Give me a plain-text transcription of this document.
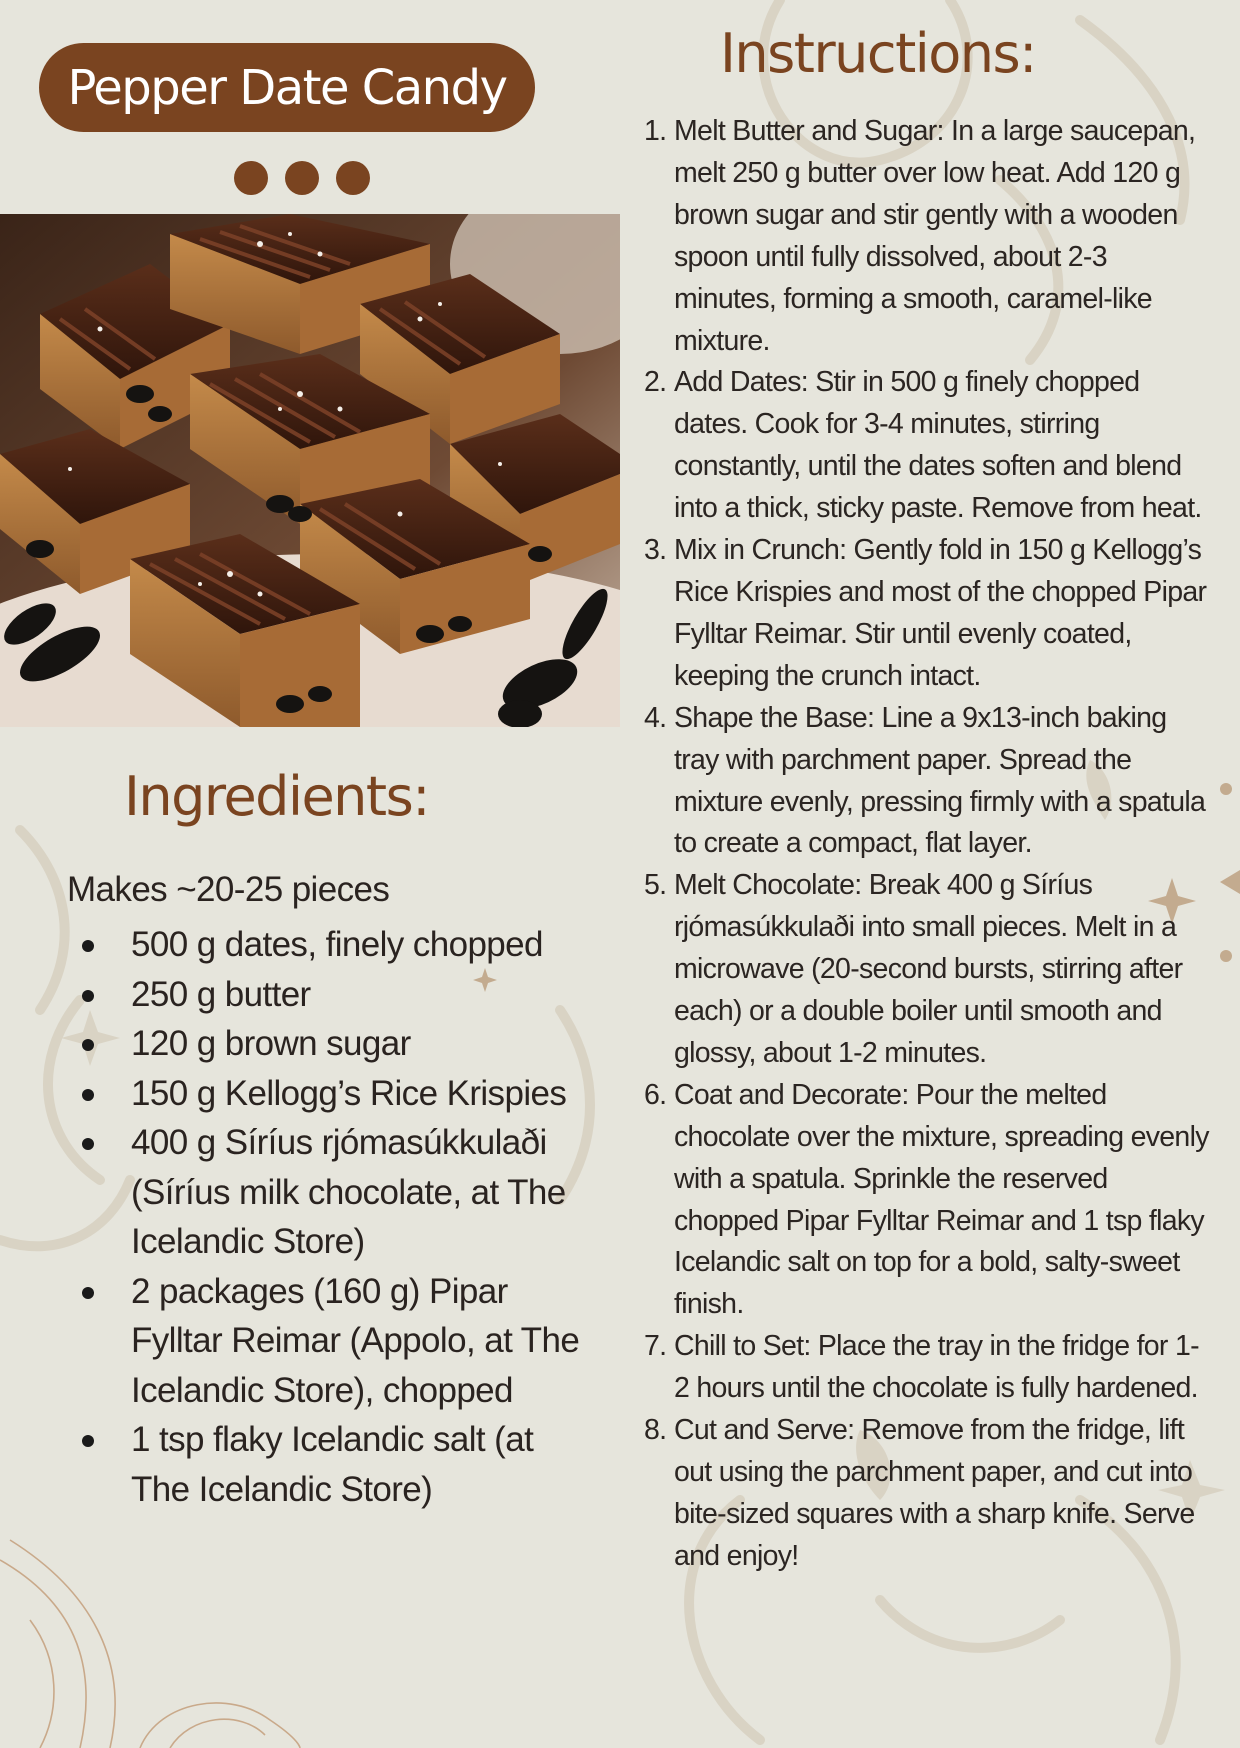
Pepper Date Candy
Ingredients:
Makes ~20-25 pieces
500 g dates, finely chopped
250 g butter
120 g brown sugar
150 g Kellogg’s Rice Krispies
400 g Síríus rjómasúkkulaði (Síríus milk chocolate, at The Icelandic Store)
2 packages (160 g) Pipar Fylltar Reimar (Appolo, at The Icelandic Store), chopped
1 tsp flaky Icelandic salt (at The Icelandic Store)
Instructions:
1. Melt Butter and Sugar: In a large saucepan, melt 250 g butter over low heat. Add 120 g brown sugar and stir gently with a wooden spoon until fully dissolved, about 2-3 minutes, forming a smooth, caramel-like mixture.
2. Add Dates: Stir in 500 g finely chopped dates. Cook for 3-4 minutes, stirring constantly, until the dates soften and blend into a thick, sticky paste. Remove from heat.
3. Mix in Crunch: Gently fold in 150 g Kellogg’s Rice Krispies and most of the chopped Pipar Fylltar Reimar. Stir until evenly coated, keeping the crunch intact.
4. Shape the Base: Line a 9x13-inch baking tray with parchment paper. Spread the mixture evenly, pressing firmly with a spatula to create a compact, flat layer.
5. Melt Chocolate: Break 400 g Síríus rjómasúkkulaði into small pieces. Melt in a microwave (20-second bursts, stirring after each) or a double boiler until smooth and glossy, about 1-2 minutes.
6. Coat and Decorate: Pour the melted chocolate over the mixture, spreading evenly with a spatula. Sprinkle the reserved chopped Pipar Fylltar Reimar and 1 tsp flaky Icelandic salt on top for a bold, salty-sweet finish.
7. Chill to Set: Place the tray in the fridge for 1-2 hours until the chocolate is fully hardened.
8. Cut and Serve: Remove from the fridge, lift out using the parchment paper, and cut into bite-sized squares with a sharp knife. Serve and enjoy!
